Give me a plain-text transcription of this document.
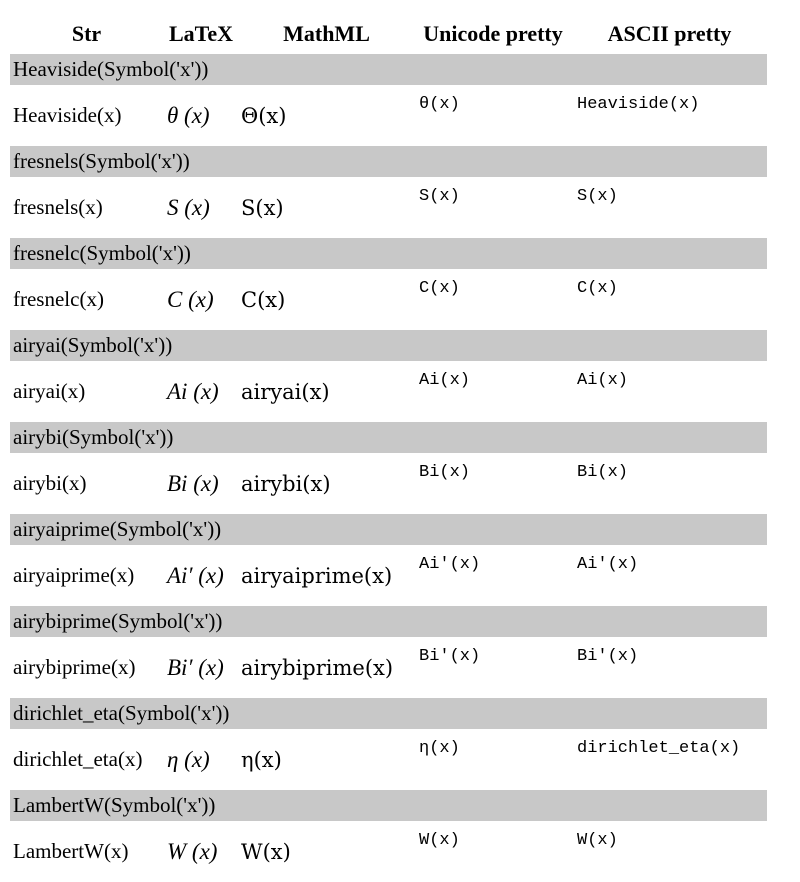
Str	LaTeX	MathML	Unicode pretty	ASCII pretty
Heaviside(Symbol('x'))				
Heaviside(x)	θ (x)	Θ(x)	θ(x)	Heaviside(x)
fresnels(Symbol('x'))				
fresnels(x)	S (x)	S(x)	S(x)	S(x)
fresnelc(Symbol('x'))				
fresnelc(x)	C (x)	C(x)	C(x)	C(x)
airyai(Symbol('x'))				
airyai(x)	Ai (x)	airyai(x)	Ai(x)	Ai(x)
airybi(Symbol('x'))				
airybi(x)	Bi (x)	airybi(x)	Bi(x)	Bi(x)
airyaiprime(Symbol('x'))				
airyaiprime(x)	Ai′ (x)	airyaiprime(x)	Ai'(x)	Ai'(x)
airybiprime(Symbol('x'))				
airybiprime(x)	Bi′ (x)	airybiprime(x)	Bi'(x)	Bi'(x)
dirichlet_eta(Symbol('x'))				
dirichlet_eta(x)	η (x)	η(x)	η(x)	dirichlet_eta(x)
LambertW(Symbol('x'))				
LambertW(x)	W (x)	W(x)	W(x)	W(x)
